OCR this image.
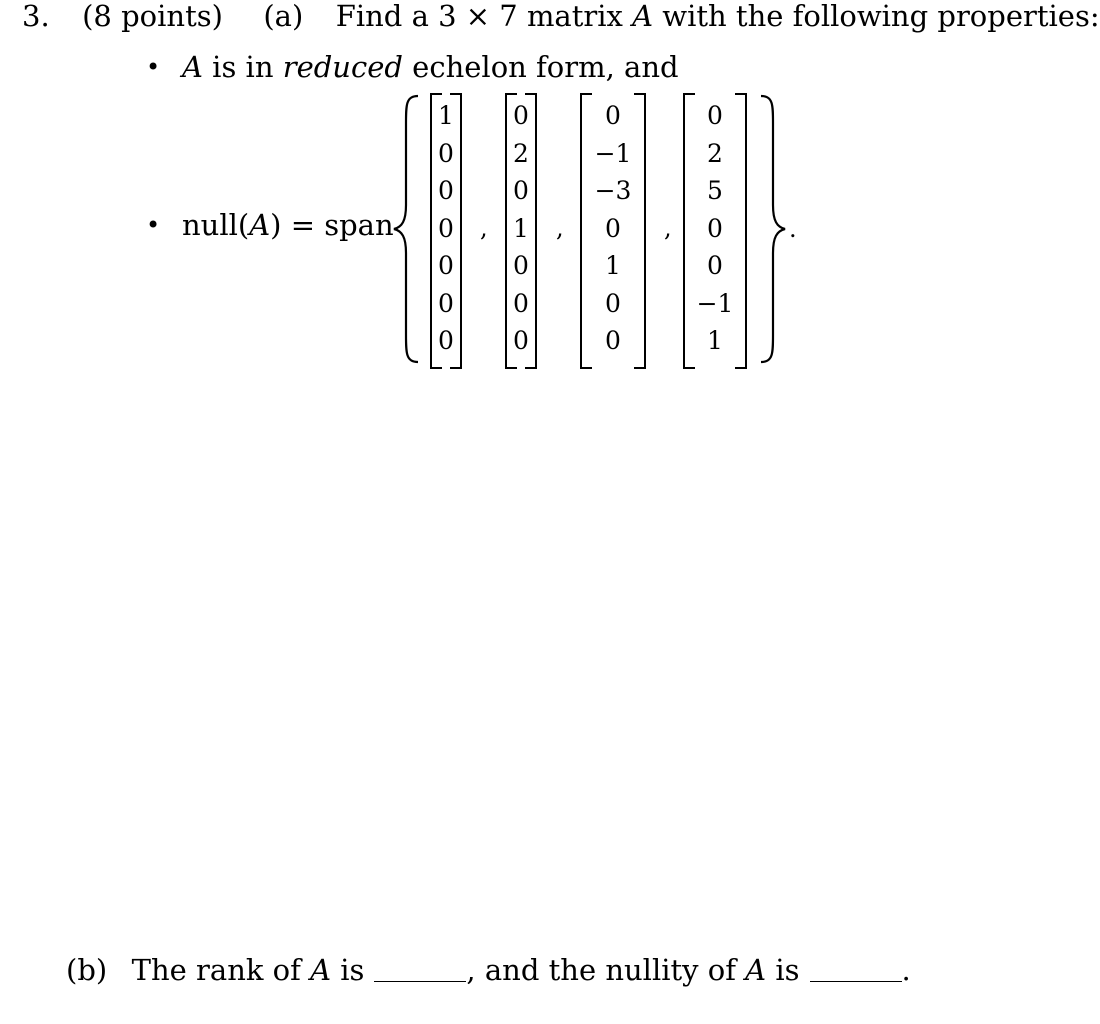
3. (8 points) (a) Find a 3 × 7 matrix A with the following properties:
• A is in reduced echelon form, and
• null(A) = span
1
0
0
0
0
0
0
,
0
2
0
1
0
0
0
,
0
−1
−3
0
1
0
0
,
0
2
5
0
0
−1
1
.
(b) The rank of A is	, and the nullity of A is	.
